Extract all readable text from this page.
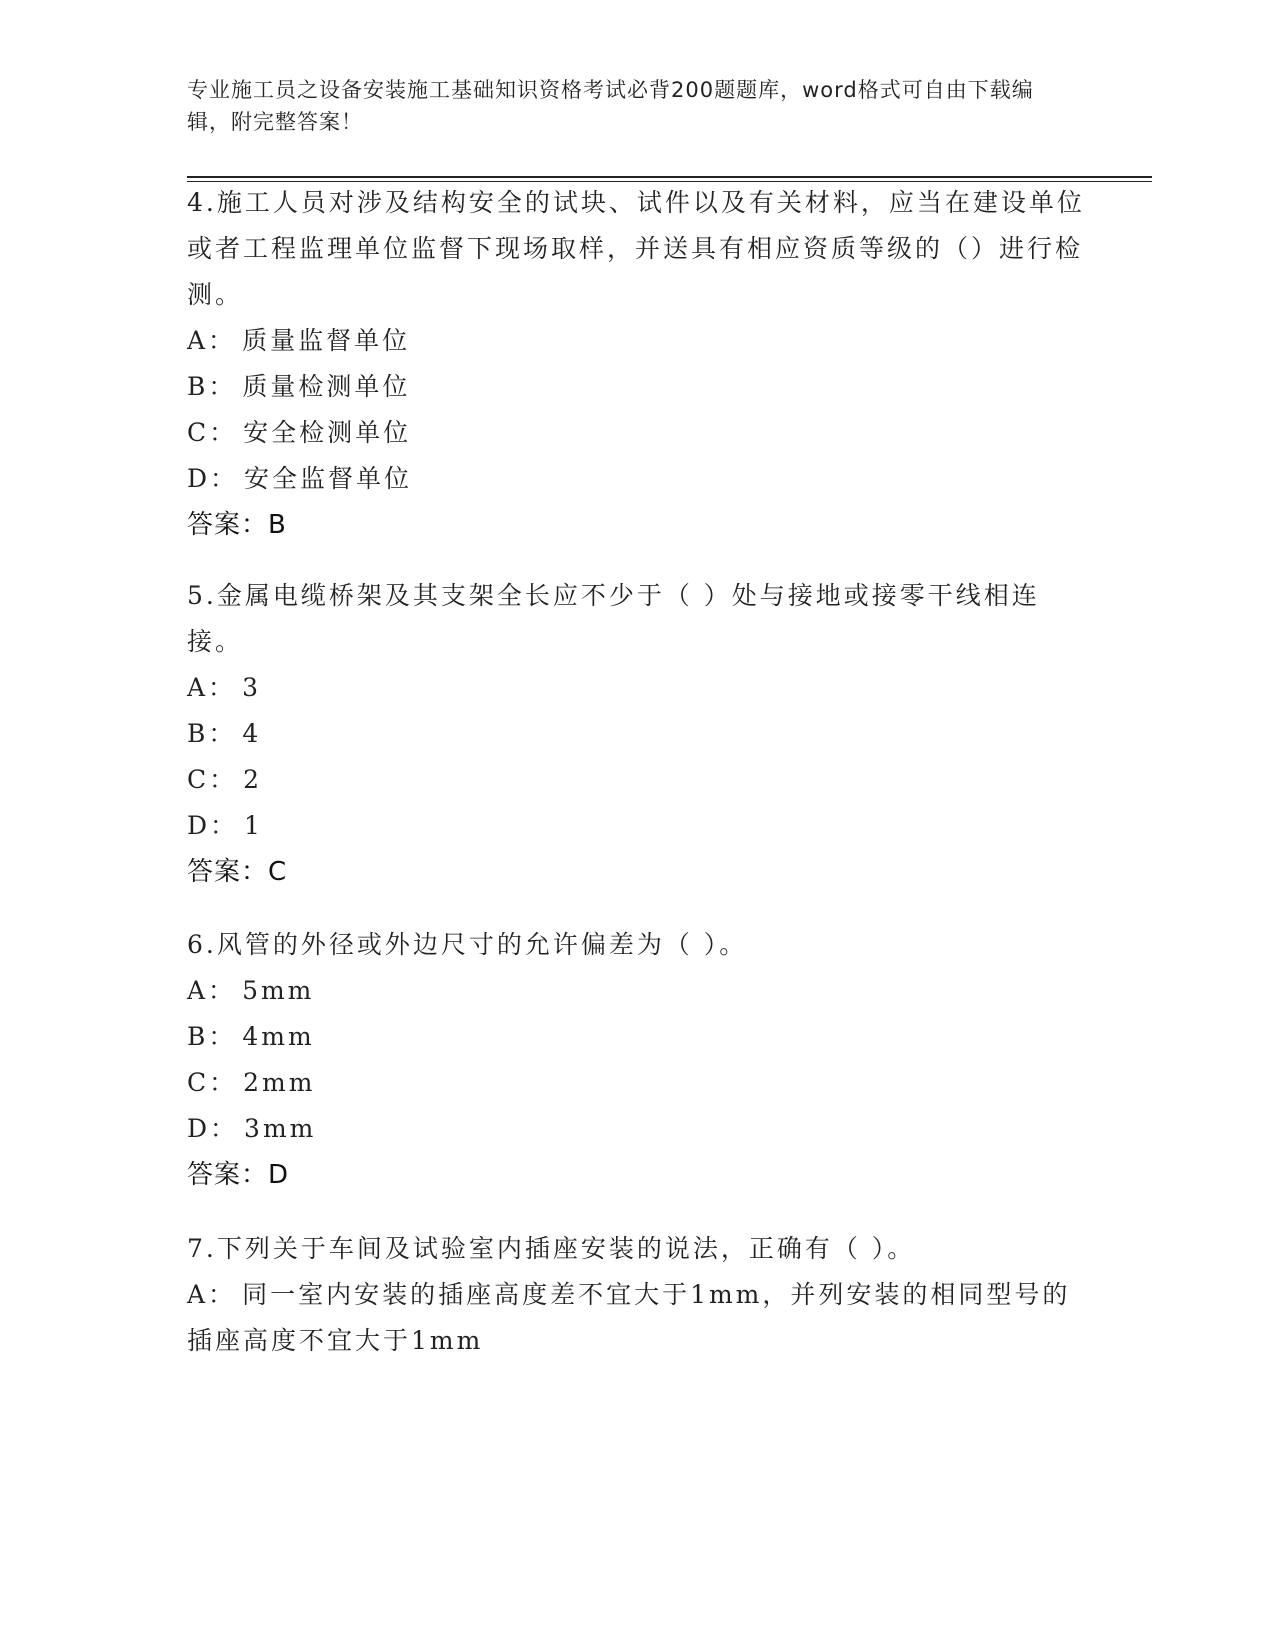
专业施工员之设备安装施工基础知识资格考试必背200题题库，word格式可自由下载编辑，附完整答案！

4.施工人员对涉及结构安全的试块、试件以及有关材料，应当在建设单位或者工程监理单位监督下现场取样，并送具有相应资质等级的（）进行检测。

A： 质量监督单位

B： 质量检测单位

C： 安全检测单位

D： 安全监督单位

答案：B

5.金属电缆桥架及其支架全长应不少于（ ）处与接地或接零干线相连接。

A： 3

B： 4

C： 2

D： 1

答案：C

6.风管的外径或外边尺寸的允许偏差为（ ）。

A： 5mm

B： 4mm

C： 2mm

D： 3mm

答案：D

7.下列关于车间及试验室内插座安装的说法，正确有（ ）。

A： 同一室内安装的插座高度差不宜大于1mm，并列安装的相同型号的插座高度不宜大于1mm
